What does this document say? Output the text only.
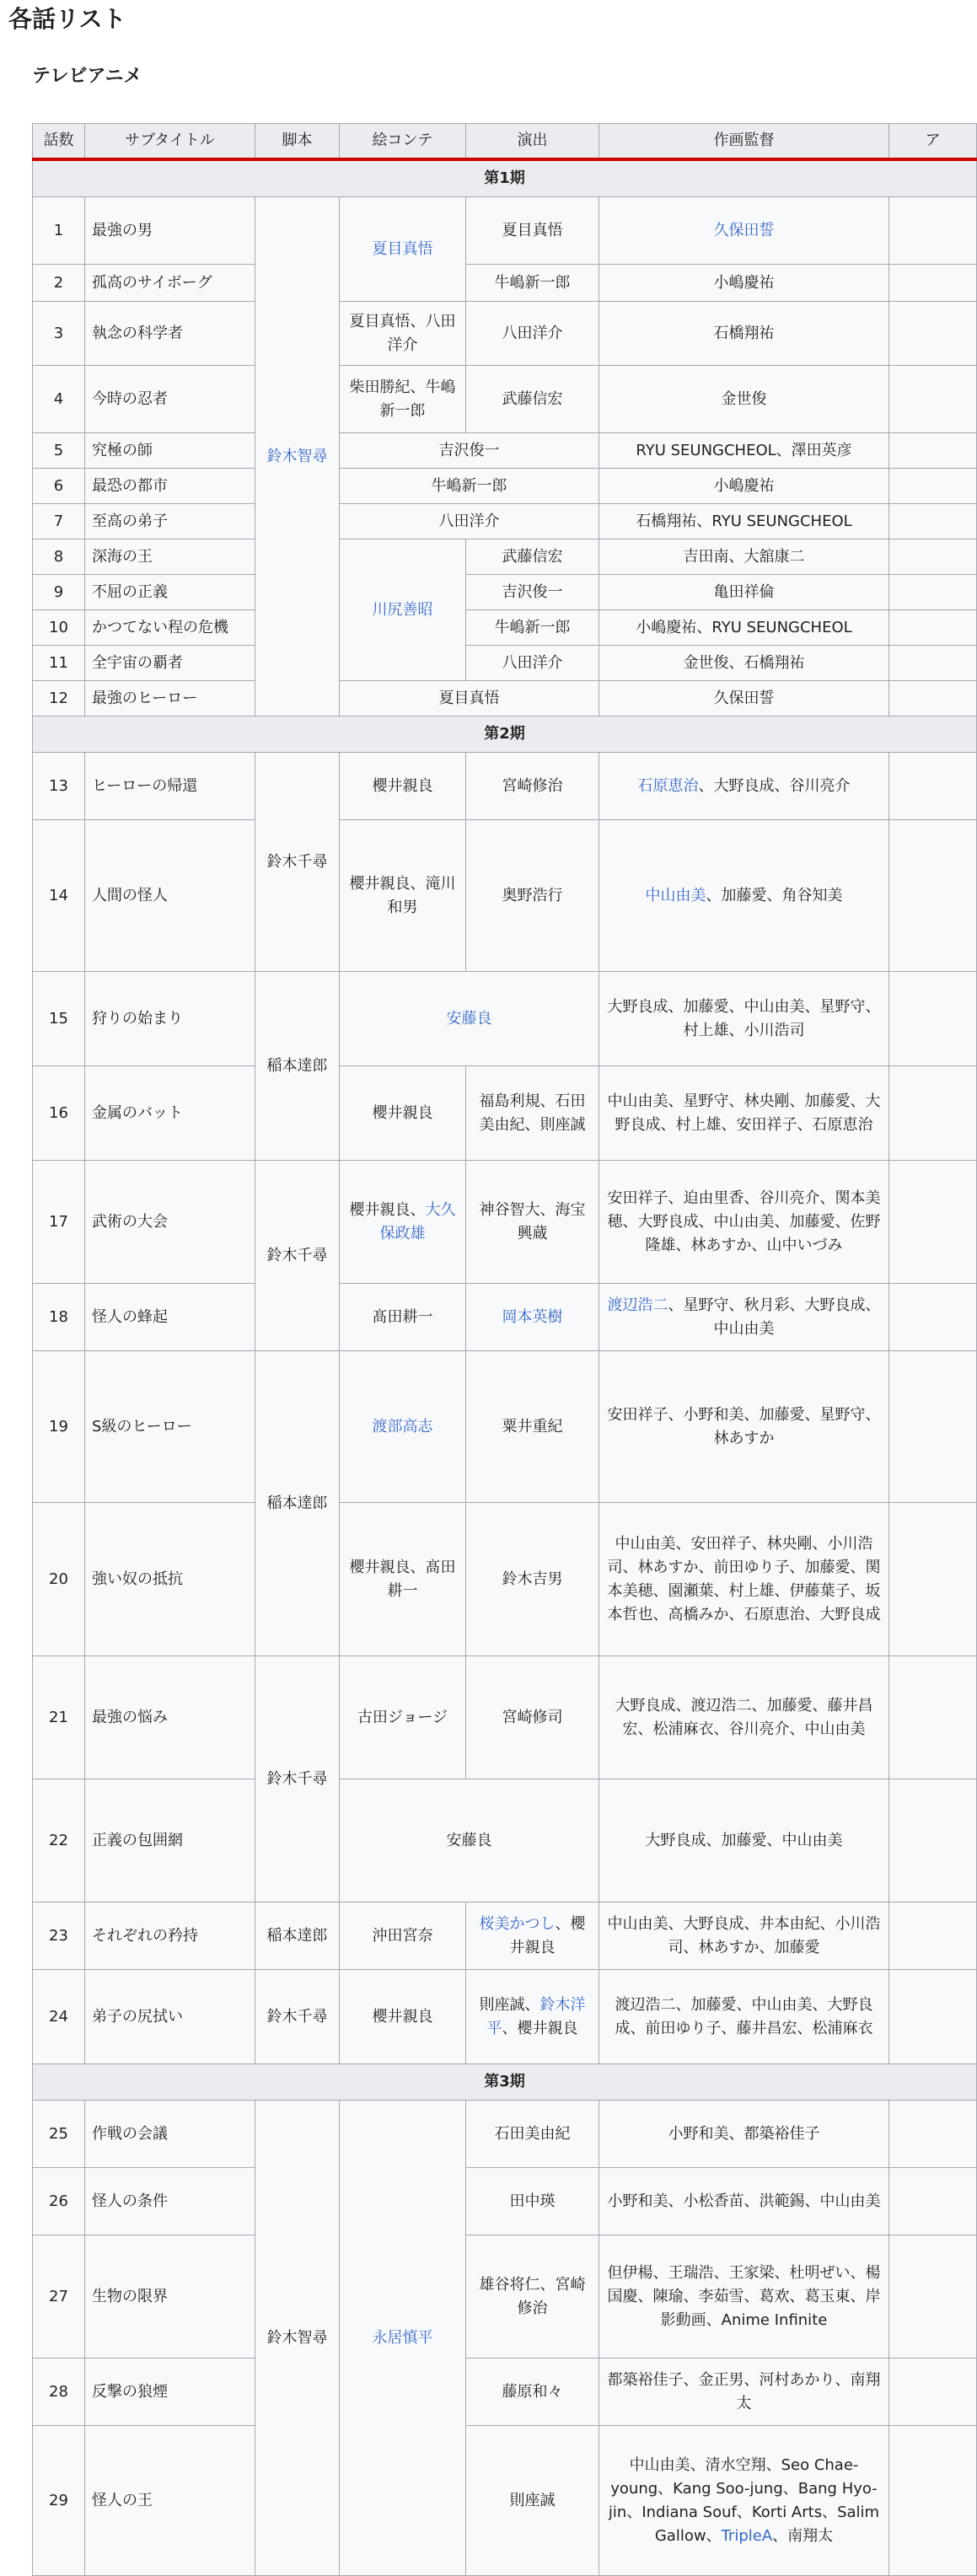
各話リスト
テレビアニメ
話数	サブタイトル	脚本	絵コンテ	演出	作画監督	ア
第1期						
1	最強の男	鈴木智尋	夏目真悟	夏目真悟	久保田誓	
2	孤高のサイボーグ			牛嶋新一郎	小嶋慶祐	
3	執念の科学者		夏目真悟、八田洋介	八田洋介	石橋翔祐	
4	今時の忍者		柴田勝紀、牛嶋新一郎	武藤信宏	金世俊	
5	究極の師		吉沢俊一		RYU SEUNGCHEOL、澤田英彦	
6	最恐の都市		牛嶋新一郎		小嶋慶祐	
7	至高の弟子		八田洋介		石橋翔祐、RYU SEUNGCHEOL	
8	深海の王		川尻善昭	武藤信宏	吉田南、大舘康二	
9	不屈の正義			吉沢俊一	亀田祥倫	
10	かつてない程の危機			牛嶋新一郎	小嶋慶祐、RYU SEUNGCHEOL	
11	全宇宙の覇者			八田洋介	金世俊、石橋翔祐	
12	最強のヒーロー		夏目真悟		久保田誓	
第2期						
13	ヒーローの帰還	鈴木千尋	櫻井親良	宮崎修治	石原恵治、大野良成、谷川亮介	
14	人間の怪人		櫻井親良、滝川和男	奥野浩行	中山由美、加藤愛、角谷知美	
15	狩りの始まり	稲本達郎	安藤良		大野良成、加藤愛、中山由美、星野守、村上雄、小川浩司	
16	金属のバット		櫻井親良	福島利規、石田美由紀、則座誠	中山由美、星野守、林央剛、加藤愛、大野良成、村上雄、安田祥子、石原恵治	
17	武術の大会	鈴木千尋	櫻井親良、大久保政雄	神谷智大、海宝興蔵	安田祥子、迫由里香、谷川亮介、関本美穂、大野良成、中山由美、加藤愛、佐野隆雄、林あすか、山中いづみ	
18	怪人の蜂起		髙田耕一	岡本英樹	渡辺浩二、星野守、秋月彩、大野良成、中山由美	
19	S級のヒーロー	稲本達郎	渡部高志	粟井重紀	安田祥子、小野和美、加藤愛、星野守、林あすか	
20	強い奴の抵抗		櫻井親良、髙田耕一	鈴木吉男	中山由美、安田祥子、林央剛、小川浩司、林あすか、前田ゆり子、加藤愛、関本美穂、園瀬葉、村上雄、伊藤葉子、坂本哲也、高橋みか、石原恵治、大野良成	
21	最強の悩み	鈴木千尋	古田ジョージ	宮崎修司	大野良成、渡辺浩二、加藤愛、藤井昌宏、松浦麻衣、谷川亮介、中山由美	
22	正義の包囲網		安藤良		大野良成、加藤愛、中山由美	
23	それぞれの矜持	稲本達郎	沖田宮奈	桜美かつし、櫻井親良	中山由美、大野良成、井本由紀、小川浩司、林あすか、加藤愛	
24	弟子の尻拭い	鈴木千尋	櫻井親良	則座誠、鈴木洋平、櫻井親良	渡辺浩二、加藤愛、中山由美、大野良成、前田ゆり子、藤井昌宏、松浦麻衣	
第3期						
25	作戦の会議	鈴木智尋	永居慎平	石田美由紀	小野和美、都築裕佳子	
26	怪人の条件			田中瑛	小野和美、小松香苗、洪範錫、中山由美	
27	生物の限界			雄谷将仁、宮崎修治	但伊楊、王瑞浩、王家梁、杜明ぜい、楊国慶、陳瑜、李茹雪、葛欢、葛玉東、岸影動画、Anime Infinite	
28	反撃の狼煙			藤原和々	都築裕佳子、金正男、河村あかり、南翔太	
29	怪人の王			則座誠	中山由美、清水空翔、Seo Chae-young、Kang Soo-jung、Bang Hyo-jin、Indiana Souf、Korti Arts、Salim Gallow、TripleA、南翔太	
